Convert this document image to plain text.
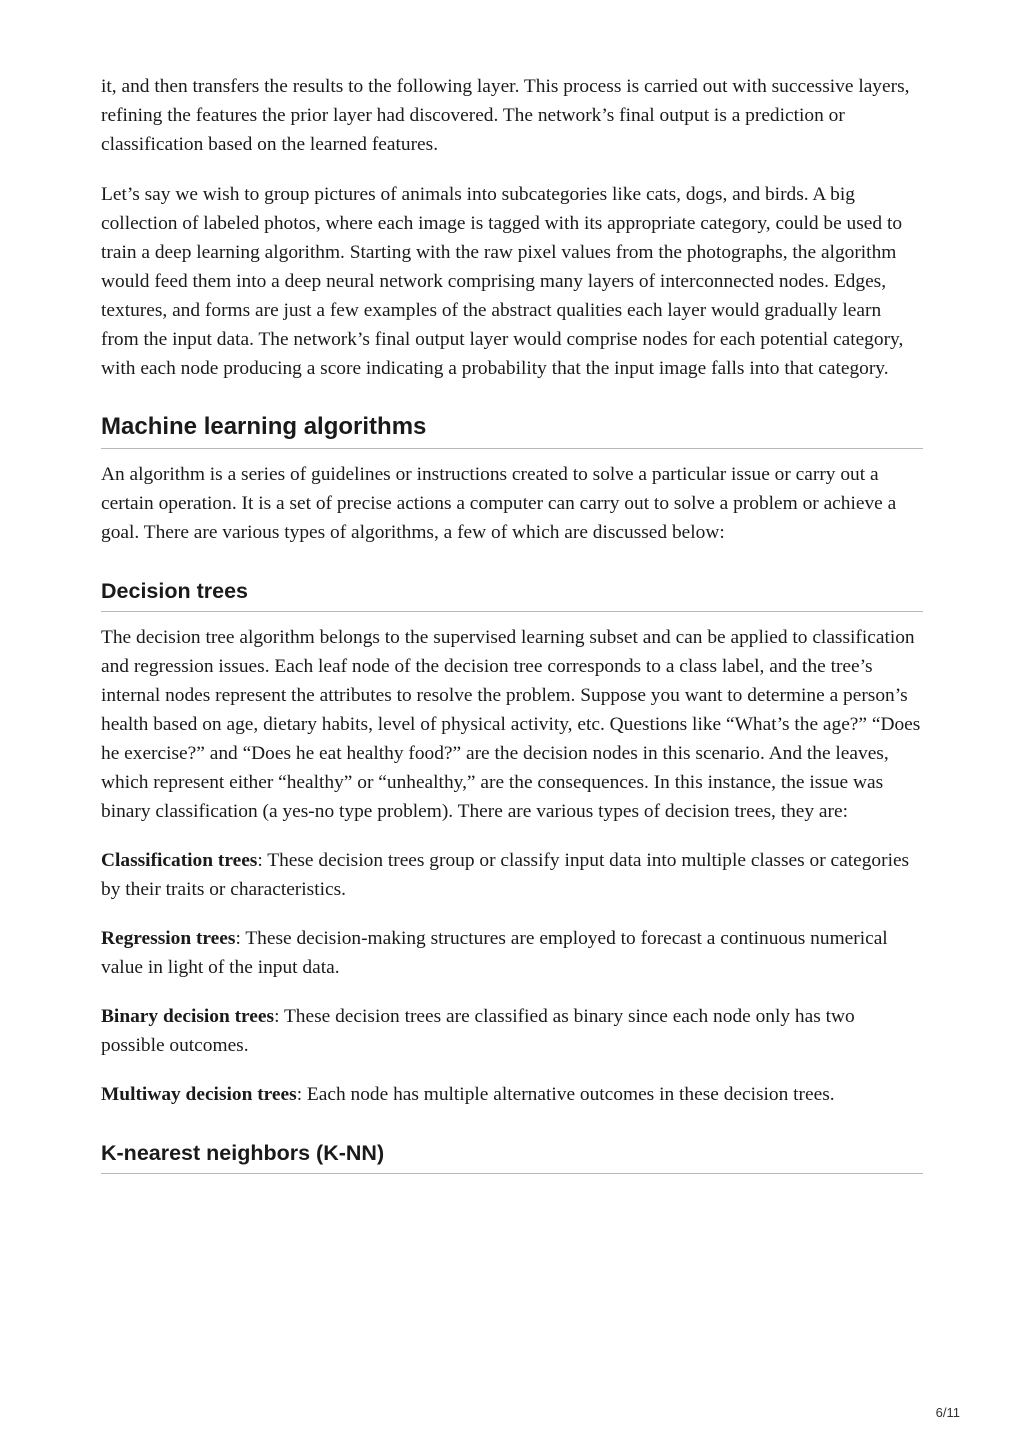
it, and then transfers the results to the following layer. This process is carried out with successive layers, refining the features the prior layer had discovered. The network’s final output is a prediction or classification based on the learned features.

Let’s say we wish to group pictures of animals into subcategories like cats, dogs, and birds. A big collection of labeled photos, where each image is tagged with its appropriate category, could be used to train a deep learning algorithm. Starting with the raw pixel values from the photographs, the algorithm would feed them into a deep neural network comprising many layers of interconnected nodes. Edges, textures, and forms are just a few examples of the abstract qualities each layer would gradually learn from the input data. The network’s final output layer would comprise nodes for each potential category, with each node producing a score indicating a probability that the input image falls into that category.

Machine learning algorithms

An algorithm is a series of guidelines or instructions created to solve a particular issue or carry out a certain operation. It is a set of precise actions a computer can carry out to solve a problem or achieve a goal. There are various types of algorithms, a few of which are discussed below:

Decision trees

The decision tree algorithm belongs to the supervised learning subset and can be applied to classification and regression issues. Each leaf node of the decision tree corresponds to a class label, and the tree’s internal nodes represent the attributes to resolve the problem. Suppose you want to determine a person’s health based on age, dietary habits, level of physical activity, etc. Questions like “What’s the age?” “Does he exercise?” and “Does he eat healthy food?” are the decision nodes in this scenario. And the leaves, which represent either “healthy” or “unhealthy,” are the consequences. In this instance, the issue was binary classification (a yes-no type problem). There are various types of decision trees, they are:

Classification trees: These decision trees group or classify input data into multiple classes or categories by their traits or characteristics.

Regression trees: These decision-making structures are employed to forecast a continuous numerical value in light of the input data.

Binary decision trees: These decision trees are classified as binary since each node only has two possible outcomes.

Multiway decision trees: Each node has multiple alternative outcomes in these decision trees.

K-nearest neighbors (K-NN)
6/11
